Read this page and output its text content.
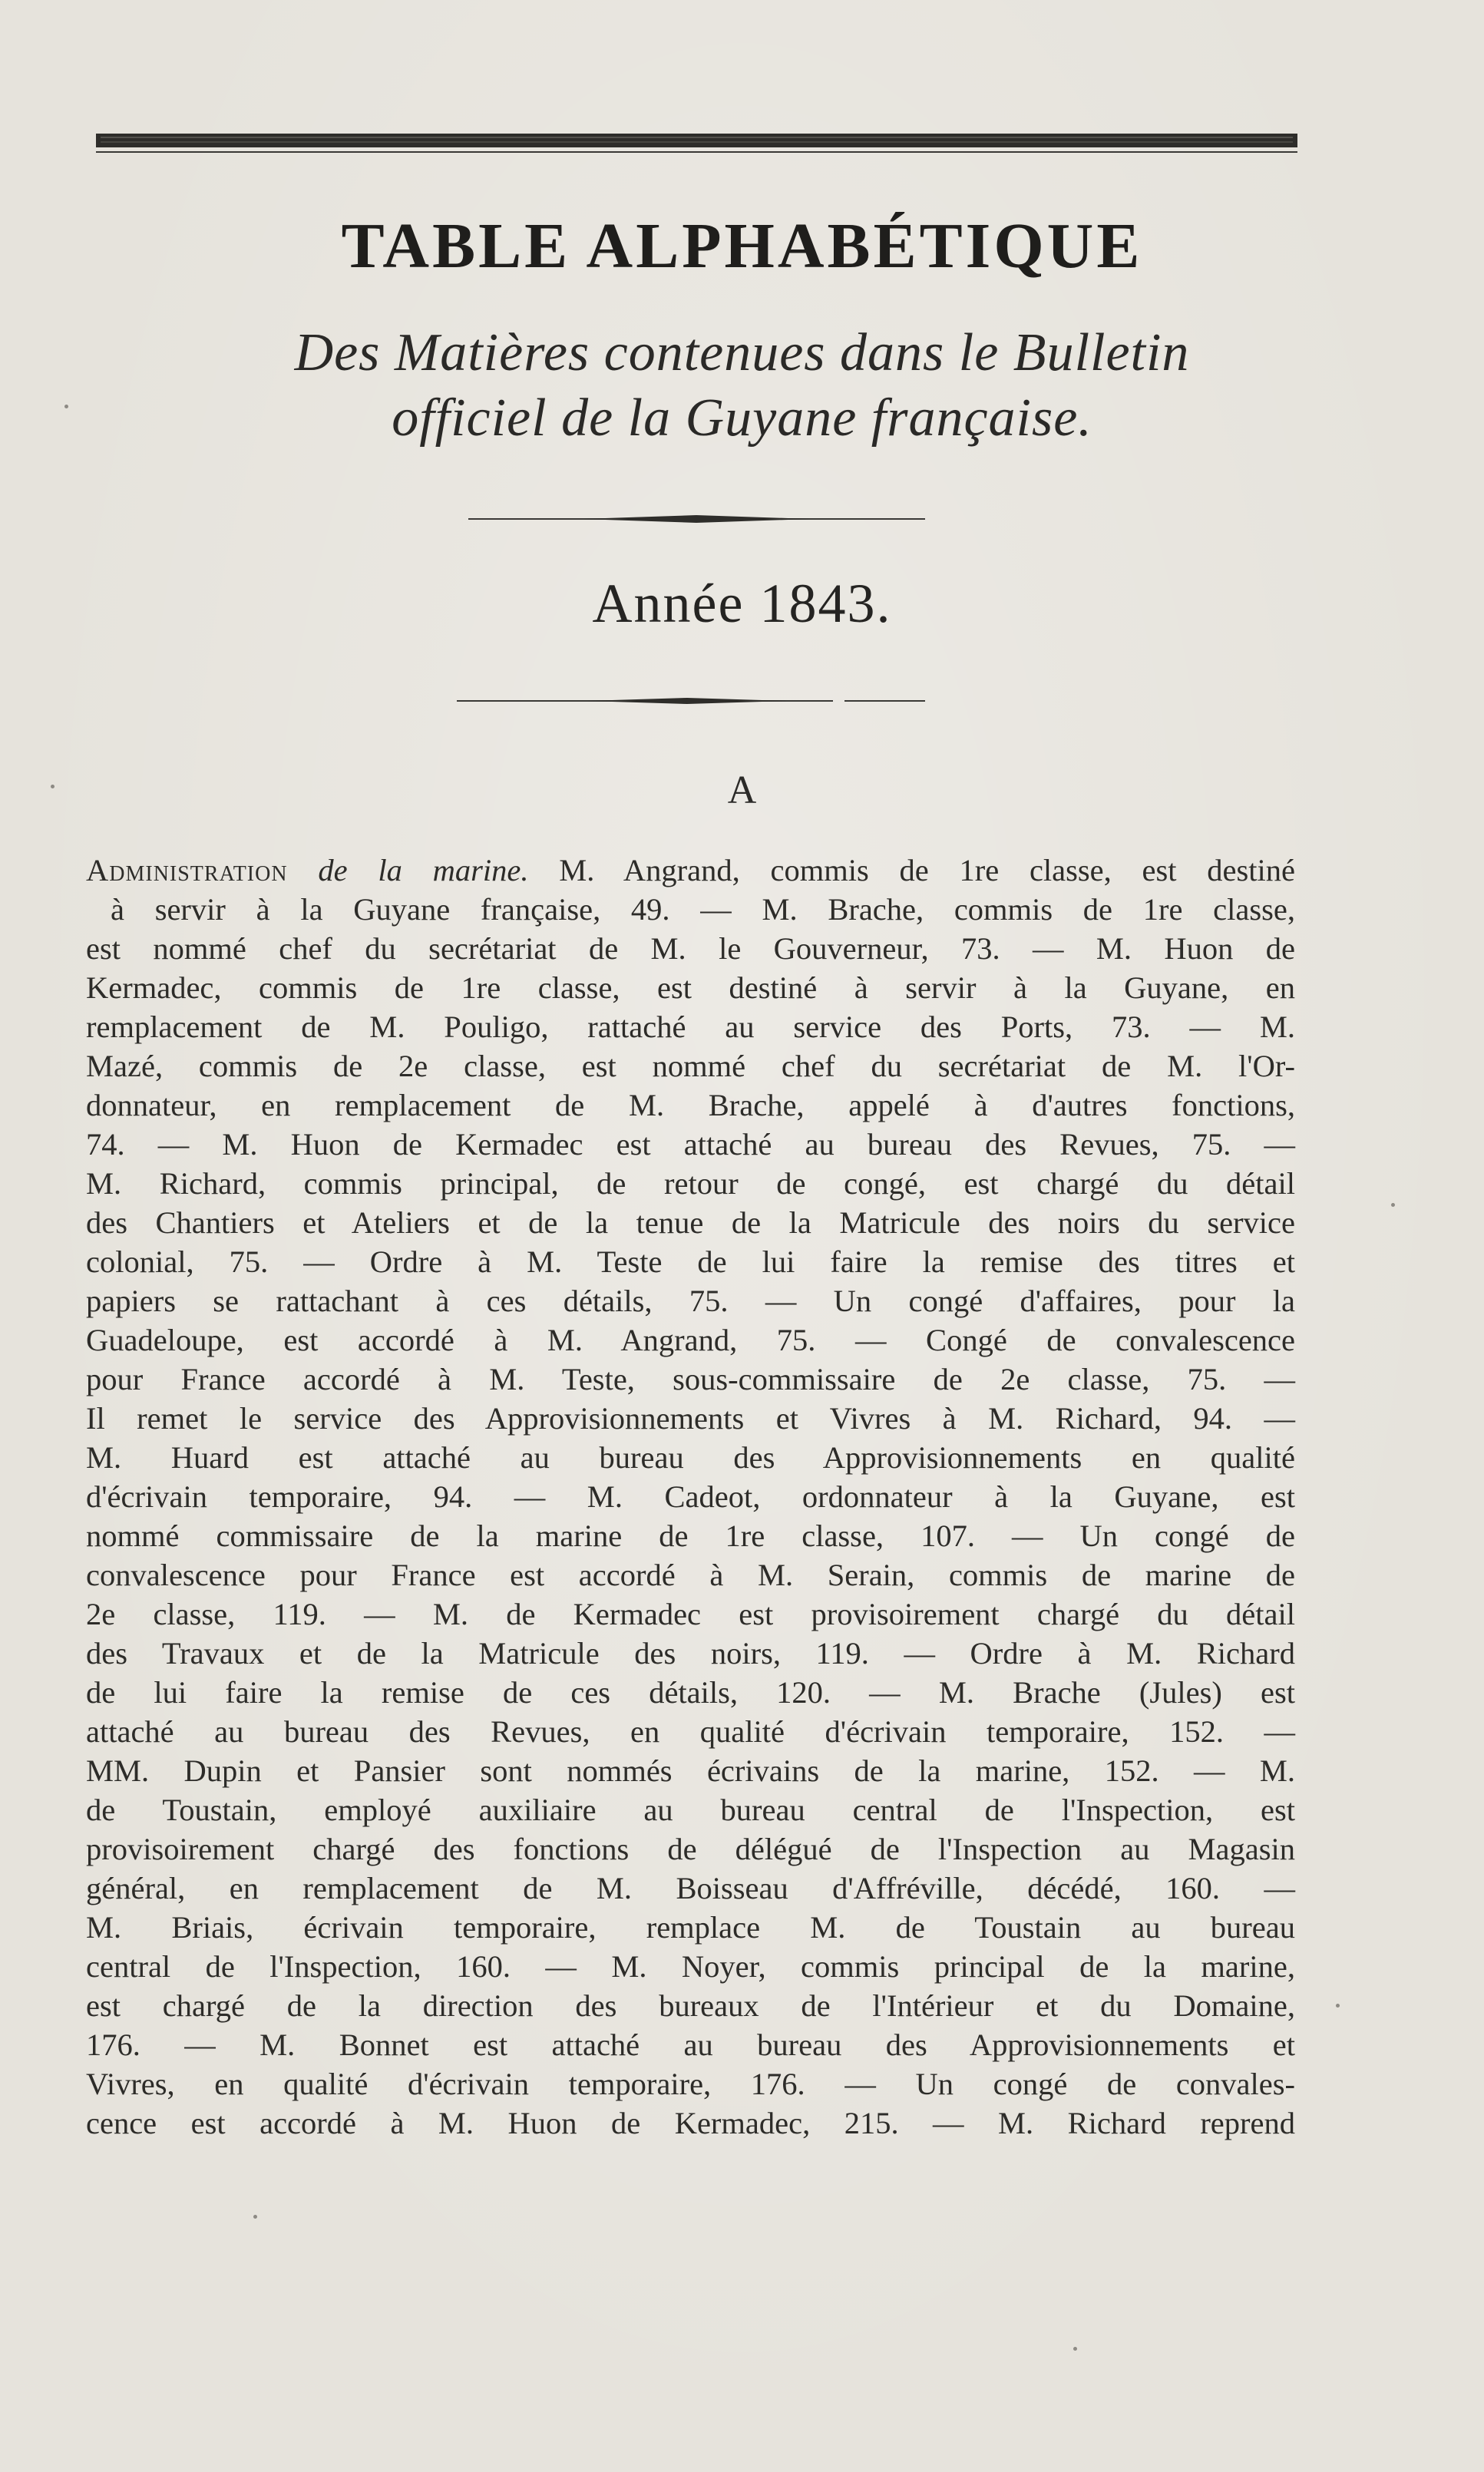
TABLE ALPHABÉTIQUE
Des Matières contenues dans le Bulletin
officiel de la Guyane française.
Année 1843.
A
Administration de la marine. M. Angrand, commis de 1re classe, est destiné
à servir à la Guyane française, 49. — M. Brache, commis de 1re classe,
est nommé chef du secrétariat de M. le Gouverneur, 73. — M. Huon de
Kermadec, commis de 1re classe, est destiné à servir à la Guyane, en
remplacement de M. Pouligo, rattaché au service des Ports, 73. — M.
Mazé, commis de 2e classe, est nommé chef du secrétariat de M. l'Or-
donnateur, en remplacement de M. Brache, appelé à d'autres fonctions,
74. — M. Huon de Kermadec est attaché au bureau des Revues, 75. —
M. Richard, commis principal, de retour de congé, est chargé du détail
des Chantiers et Ateliers et de la tenue de la Matricule des noirs du service
colonial, 75. — Ordre à M. Teste de lui faire la remise des titres et
papiers se rattachant à ces détails, 75. — Un congé d'affaires, pour la
Guadeloupe, est accordé à M. Angrand, 75. — Congé de convalescence
pour France accordé à M. Teste, sous-commissaire de 2e classe, 75. —
Il remet le service des Approvisionnements et Vivres à M. Richard, 94. —
M. Huard est attaché au bureau des Approvisionnements en qualité
d'écrivain temporaire, 94. — M. Cadeot, ordonnateur à la Guyane, est
nommé commissaire de la marine de 1re classe, 107. — Un congé de
convalescence pour France est accordé à M. Serain, commis de marine de
2e classe, 119. — M. de Kermadec est provisoirement chargé du détail
des Travaux et de la Matricule des noirs, 119. — Ordre à M. Richard
de lui faire la remise de ces détails, 120. — M. Brache (Jules) est
attaché au bureau des Revues, en qualité d'écrivain temporaire, 152. —
MM. Dupin et Pansier sont nommés écrivains de la marine, 152. — M.
de Toustain, employé auxiliaire au bureau central de l'Inspection, est
provisoirement chargé des fonctions de délégué de l'Inspection au Magasin
général, en remplacement de M. Boisseau d'Affréville, décédé, 160. —
M. Briais, écrivain temporaire, remplace M. de Toustain au bureau
central de l'Inspection, 160. — M. Noyer, commis principal de la marine,
est chargé de la direction des bureaux de l'Intérieur et du Domaine,
176. — M. Bonnet est attaché au bureau des Approvisionnements et
Vivres, en qualité d'écrivain temporaire, 176. — Un congé de convales-
cence est accordé à M. Huon de Kermadec, 215. — M. Richard reprend
